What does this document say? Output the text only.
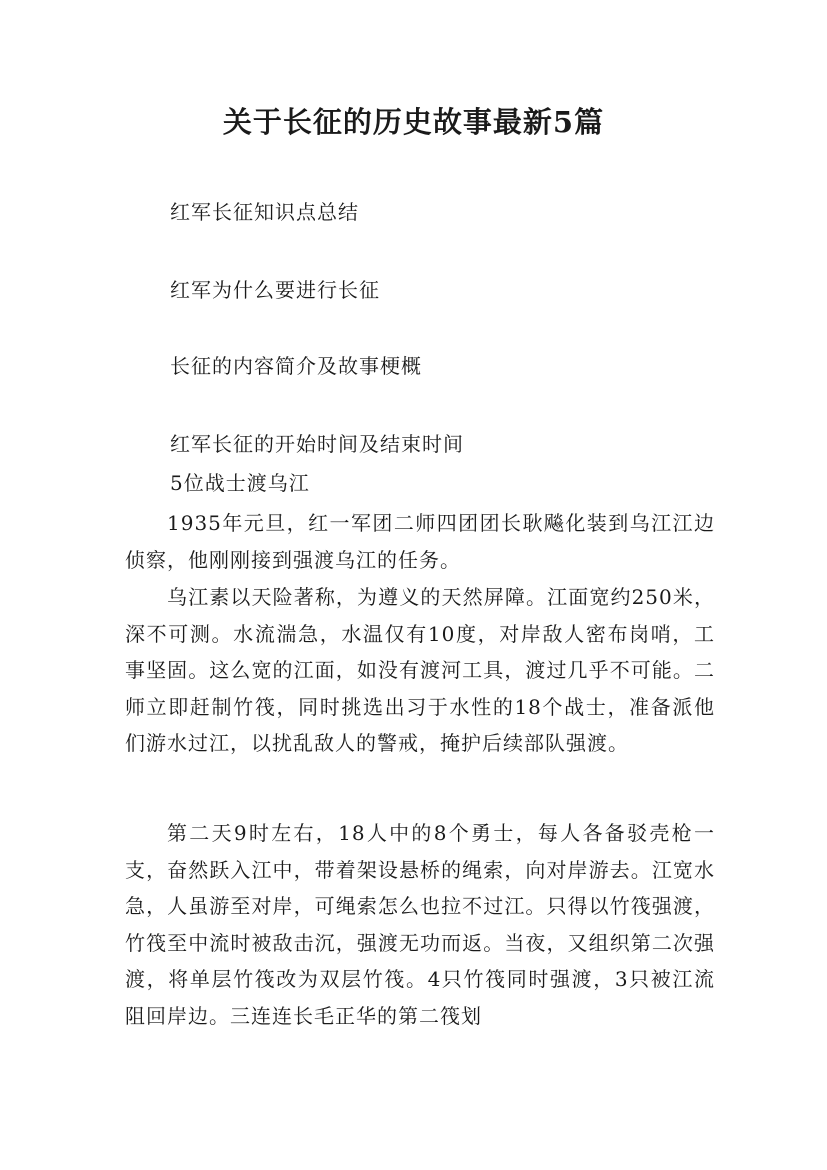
关于长征的历史故事最新5篇

红军长征知识点总结

红军为什么要进行长征

长征的内容简介及故事梗概

红军长征的开始时间及结束时间

5位战士渡乌江

1935年元旦，红一军团二师四团团长耿飚化装到乌江江边侦察，他刚刚接到强渡乌江的任务。

乌江素以天险著称，为遵义的天然屏障。江面宽约250米，深不可测。水流湍急，水温仅有10度，对岸敌人密布岗哨，工事坚固。这么宽的江面，如没有渡河工具，渡过几乎不可能。二师立即赶制竹筏，同时挑选出习于水性的18个战士，准备派他们游水过江，以扰乱敌人的警戒，掩护后续部队强渡。

第二天9时左右，18人中的8个勇士，每人各备驳壳枪一支，奋然跃入江中，带着架设悬桥的绳索，向对岸游去。江宽水急，人虽游至对岸，可绳索怎么也拉不过江。只得以竹筏强渡，竹筏至中流时被敌击沉，强渡无功而返。当夜，又组织第二次强渡，将单层竹筏改为双层竹筏。4只竹筏同时强渡，3只被江流阻回岸边。三连连长毛正华的第二筏划
